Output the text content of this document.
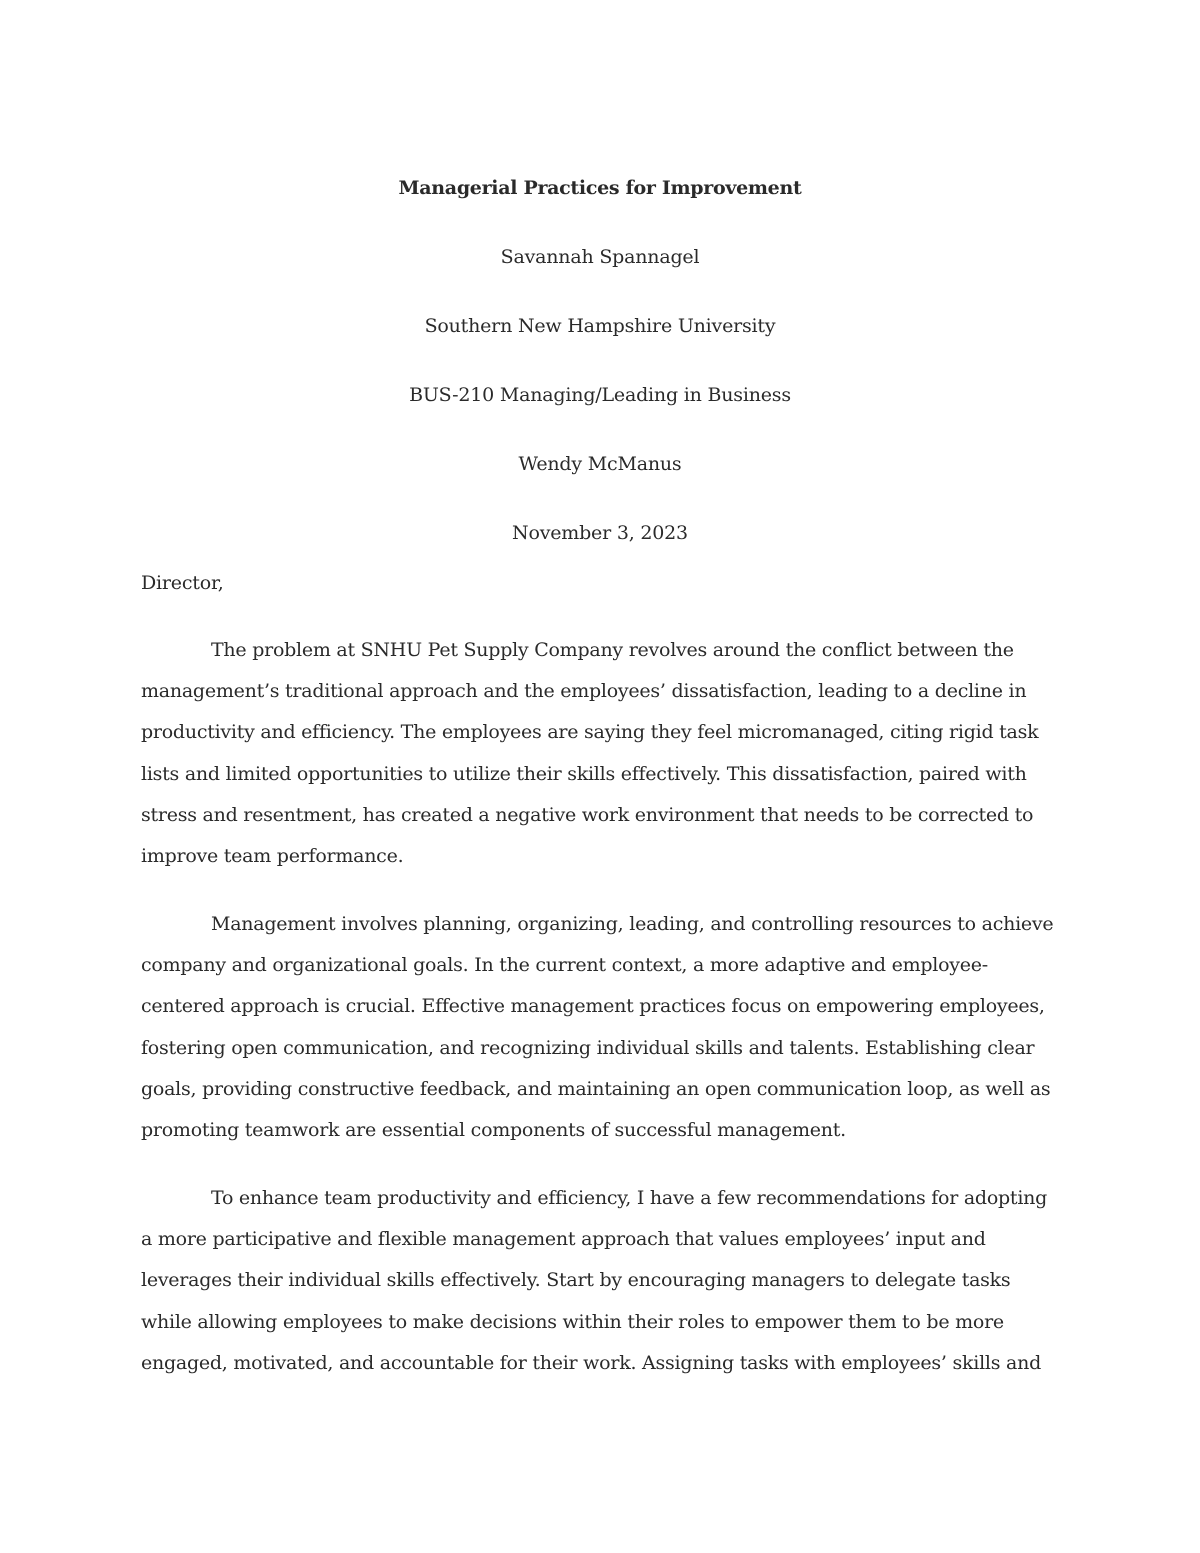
Managerial Practices for Improvement
Savannah Spannagel
Southern New Hampshire University
BUS-210 Managing/Leading in Business
Wendy McManus
November 3, 2023
Director,
The problem at SNHU Pet Supply Company revolves around the conflict between the
management’s traditional approach and the employees’ dissatisfaction, leading to a decline in
productivity and efficiency. The employees are saying they feel micromanaged, citing rigid task
lists and limited opportunities to utilize their skills effectively. This dissatisfaction, paired with
stress and resentment, has created a negative work environment that needs to be corrected to
improve team performance.
Management involves planning, organizing, leading, and controlling resources to achieve
company and organizational goals. In the current context, a more adaptive and employee-
centered approach is crucial. Effective management practices focus on empowering employees,
fostering open communication, and recognizing individual skills and talents. Establishing clear
goals, providing constructive feedback, and maintaining an open communication loop, as well as
promoting teamwork are essential components of successful management.
To enhance team productivity and efficiency, I have a few recommendations for adopting
a more participative and flexible management approach that values employees’ input and
leverages their individual skills effectively. Start by encouraging managers to delegate tasks
while allowing employees to make decisions within their roles to empower them to be more
engaged, motivated, and accountable for their work. Assigning tasks with employees’ skills and
